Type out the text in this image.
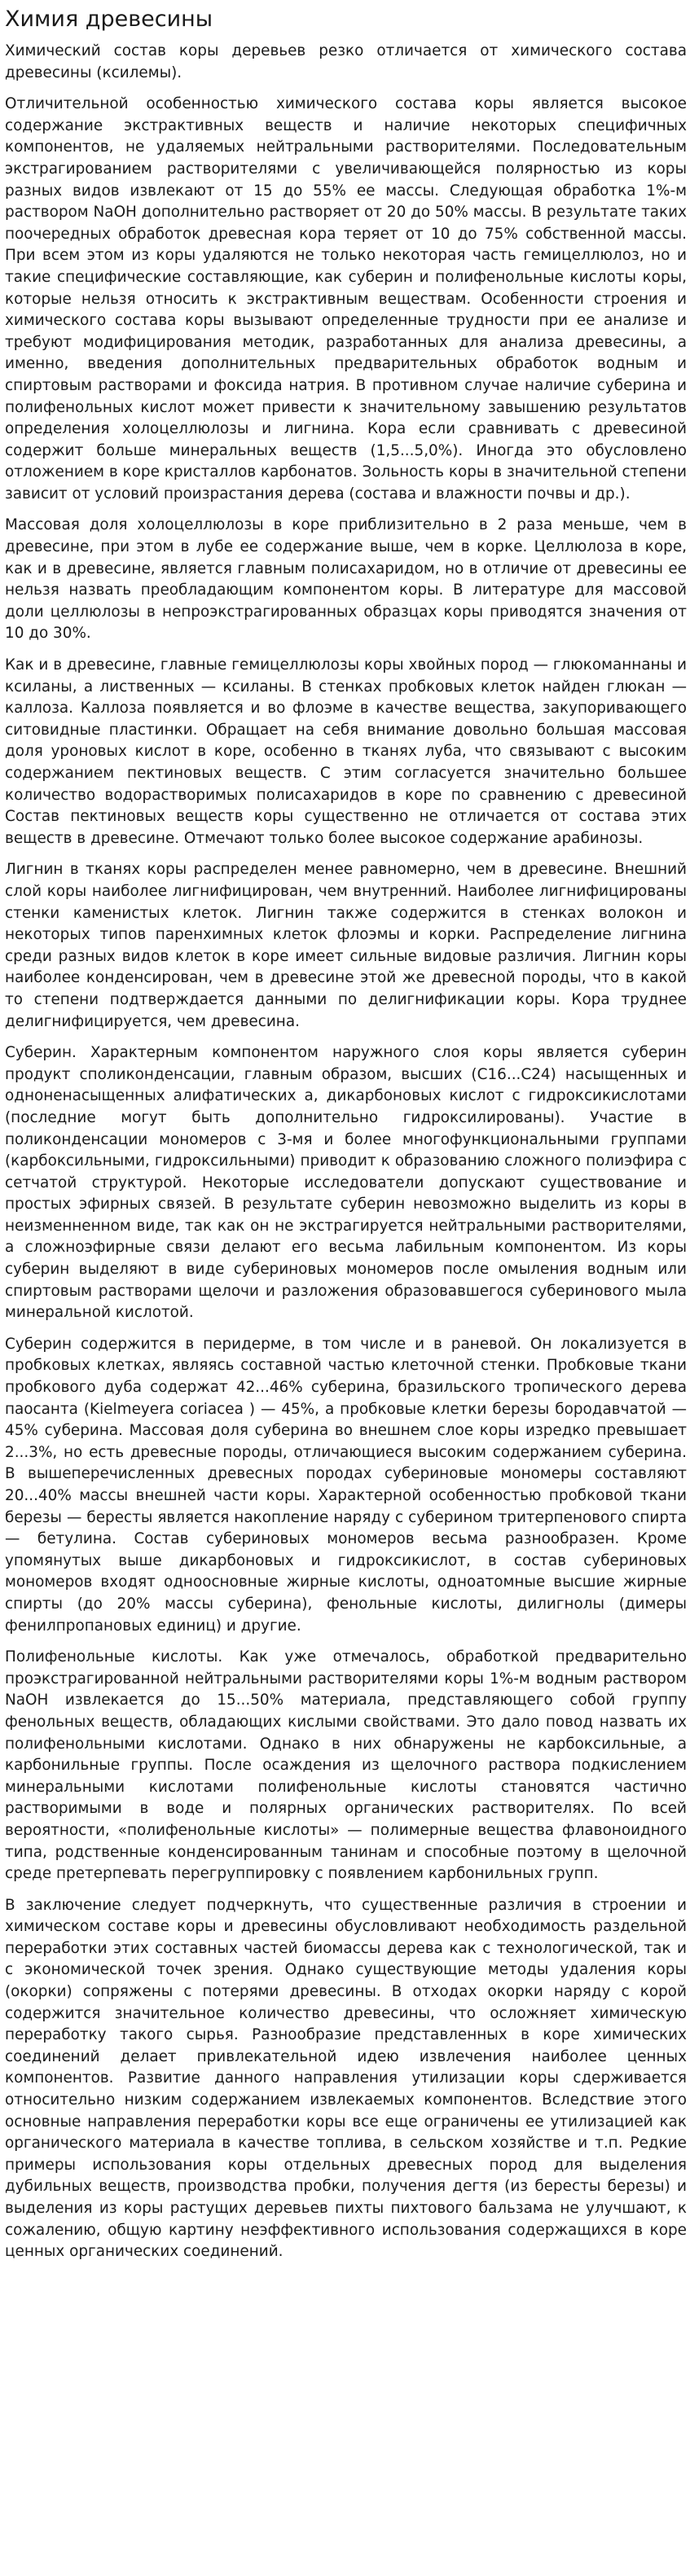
Химия древесины

Химический состав коры деревьев резко отличается от химического состава древесины (ксилемы).

Отличительной особенностью химического состава коры является высокое содержание экстрактивных веществ и наличие некоторых специфичных компонентов, не удаляемых нейтральными растворителями. Последовательным экстрагированием растворителями с увеличивающейся полярностью из коры разных видов извлекают от 15 до 55% ее массы. Следующая обработка 1%-м раствором NaOH дополнительно растворяет от 20 до 50% массы. В результате таких поочередных обработок древесная кора теряет от 10 до 75% собственной массы. При всем этом из коры удаляются не только некоторая часть гемицеллюлоз, но и такие специфические составляющие, как суберин и полифенольные кислоты коры, которые нельзя относить к экстрактивным веществам. Особенности строения и химического состава коры вызывают определенные трудности при ее анализе и требуют модифицирования методик, разработанных для анализа древесины, а именно, введения дополнительных предварительных обработок водным и спиртовым растворами и фоксида натрия. В противном случае наличие суберина и полифенольных кислот может привести к значительному завышению результатов определения холоцеллюлозы и лигнина. Кора если сравнивать с древесиной содержит больше минеральных веществ (1,5...5,0%). Иногда это обусловлено отложением в коре кристаллов карбонатов. Зольность коры в значительной степени зависит от условий произрастания дерева (состава и влажности почвы и др.).

Массовая доля холоцеллюлозы в коре приблизительно в 2 раза меньше, чем в древесине, при этом в лубе ее содержание выше, чем в корке. Целлюлоза в коре, как и в древесине, является главным полисахаридом, но в отличие от древесины ее нельзя назвать преобладающим компонентом коры. В литературе для массовой доли целлюлозы в непроэкстрагированных образцах коры приводятся значения от 10 до 30%.

Как и в древесине, главные гемицеллюлозы коры хвойных пород — глюкоманнаны и ксиланы, а лиственных — ксиланы. В стенках пробковых клеток найден глюкан — каллоза. Каллоза появляется и во флоэме в качестве вещества, закупоривающего ситовидные пластинки. Обращает на себя внимание довольно большая массовая доля уроновых кислот в коре, особенно в тканях луба, что связывают с высоким содержанием пектиновых веществ. С этим согласуется значительно большее количество водорастворимых полисахаридов в коре по сравнению с древесиной Состав пектиновых веществ коры существенно не отличается от состава этих веществ в древесине. Отмечают только более высокое содержание арабинозы.

Лигнин в тканях коры распределен менее равномерно, чем в древесине. Внешний слой коры наиболее лигнифицирован, чем внутренний. Наиболее лигнифицированы стенки каменистых клеток. Лигнин также содержится в стенках волокон и некоторых типов паренхимных клеток флоэмы и корки. Распределение лигнина среди разных видов клеток в коре имеет сильные видовые различия. Лигнин коры наиболее конденсирован, чем в древесине этой же древесной породы, что в какой то степени подтверждается данными по делигнификации коры. Кора труднее делигнифицируется, чем древесина.

Суберин. Характерным компонентом наружного слоя коры является суберин продукт споликонденсации, главным образом, высших (C16...C24) насыщенных и одноненасыщенных алифатических а, дикарбоновых кислот с гидроксикислотами (последние могут быть дополнительно гидроксилированы). Участие в поликонденсации мономеров с 3-мя и более многофункциональными группами (карбоксильными, гидроксильными) приводит к образованию сложного полиэфира с сетчатой структурой. Некоторые исследователи допускают существование и простых эфирных связей. В результате суберин невозможно выделить из коры в неизменненном виде, так как он не экстрагируется нейтральными растворителями, а сложноэфирные связи делают его весьма лабильным компонентом. Из коры суберин выделяют в виде субериновых мономеров после омыления водным или спиртовым растворами щелочи и разложения образовавшегося суберинового мыла минеральной кислотой.

Суберин содержится в перидерме, в том числе и в раневой. Он локализуется в пробковых клетках, являясь составной частью клеточной стенки. Пробковые ткани пробкового дуба содержат 42...46% суберина, бразильского тропического дерева паосанта (Kielmeyera coriacea ) — 45%, а пробковые клетки березы бородавчатой — 45% суберина. Массовая доля суберина во внешнем слое коры изредко превышает 2...3%, но есть древесные породы, отличающиеся высоким содержанием суберина. В вышеперечисленных древесных породах субериновые мономеры составляют 20...40% массы внешней части коры. Характерной особенностью пробковой ткани березы — бересты является накопление наряду с суберином тритерпенового спирта — бетулина. Состав субериновых мономеров весьма разнообразен. Кроме упомянутых выше дикарбоновых и гидроксикислот, в состав субериновых мономеров входят одноосновные жирные кислоты, одноатомные высшие жирные спирты (до 20% массы суберина), фенольные кислоты, дилигнолы (димеры фенилпропановых единиц) и другие.

Полифенольные кислоты. Как уже отмечалось, обработкой предварительно проэкстрагированной нейтральными растворителями коры 1%-м водным раствором NaOH извлекается до 15...50% материала, представляющего собой группу фенольных веществ, обладающих кислыми свойствами. Это дало повод назвать их полифенольными кислотами. Однако в них обнаружены не карбоксильные, а карбонильные группы. После осаждения из щелочного раствора подкислением минеральными кислотами полифенольные кислоты становятся частично растворимыми в воде и полярных органических растворителях. По всей вероятности, «полифенольные кислоты» — полимерные вещества флавоноидного типа, родственные конденсированным танинам и способные поэтому в щелочной среде претерпевать перегруппировку с появлением карбонильных групп.

В заключение следует подчеркнуть, что существенные различия в строении и химическом составе коры и древесины обусловливают необходимость раздельной переработки этих составных частей биомассы дерева как с технологической, так и с экономической точек зрения. Однако существующие методы удаления коры (окорки) сопряжены с потерями древесины. В отходах окорки наряду с корой содержится значительное количество древесины, что осложняет химическую переработку такого сырья. Разнообразие представленных в коре химических соединений делает привлекательной идею извлечения наиболее ценных компонентов. Развитие данного направления утилизации коры сдерживается относительно низким содержанием извлекаемых компонентов. Вследствие этого основные направления переработки коры все еще ограничены ее утилизацией как органического материала в качестве топлива, в сельском хозяйстве и т.п. Редкие примеры использования коры отдельных древесных пород для выделения дубильных веществ, производства пробки, получения дегтя (из бересты березы) и выделения из коры растущих деревьев пихты пихтового бальзама не улучшают, к сожалению, общую картину неэффективного использования содержащихся в коре ценных органических соединений.
